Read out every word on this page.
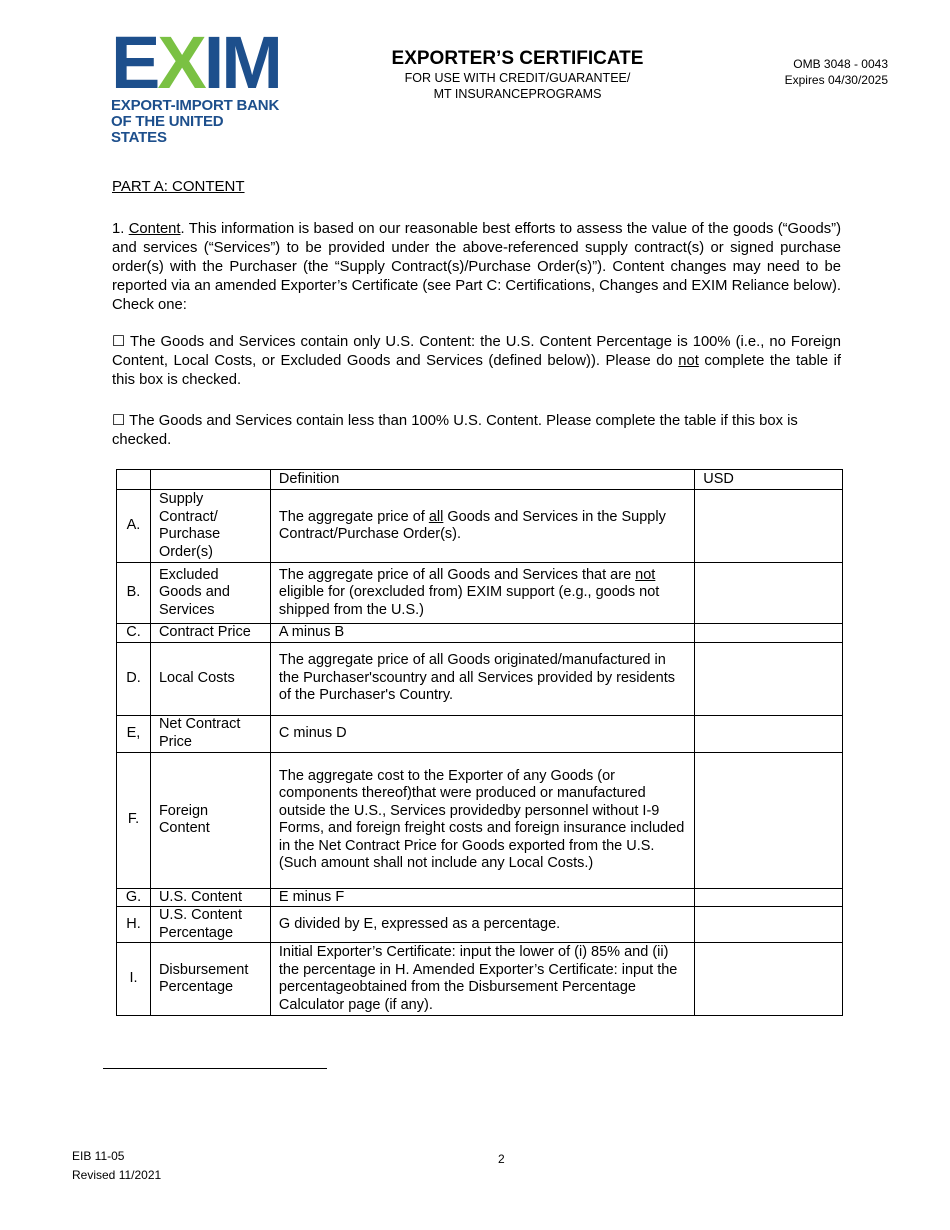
E X IM
EXPORT-IMPORT BANK
OF THE UNITED STATES
EXPORTER’S CERTIFICATE
FOR USE WITH CREDIT/GUARANTEE/
MT INSURANCEPROGRAMS
OMB 3048 - 0043
Expires 04/30/2025
PART A: CONTENT
1. Content. This information is based on our reasonable best efforts to assess the value of the goods (“Goods”) and services (“Services”) to be provided under the above-referenced supply contract(s) or signed purchase order(s) with the Purchaser (the “Supply Contract(s)/Purchase Order(s)”). Content changes may need to be reported via an amended Exporter’s Certificate (see Part C: Certifications, Changes and EXIM Reliance below). Check one:
☐ The Goods and Services contain only U.S. Content: the U.S. Content Percentage is 100% (i.e., no Foreign Content, Local Costs, or Excluded Goods and Services (defined below)). Please do not complete the table if this box is checked.
☐ The Goods and Services contain less than 100% U.S. Content. Please complete the table if this box is checked.
		Definition	USD
A.	Supply Contract/ Purchase Order(s)	The aggregate price of all Goods and Services in the Supply Contract/Purchase Order(s).	
B.	Excluded Goods and Services	The aggregate price of all Goods and Services that are not eligible for (orexcluded from) EXIM support (e.g., goods not shipped from the U.S.)	
C.	Contract Price	A minus B	
D.	Local Costs	The aggregate price of all Goods originated/manufactured in the Purchaser'scountry and all Services provided by residents of the Purchaser's Country.	
E,	Net Contract Price	C minus D	
F.	Foreign Content	The aggregate cost to the Exporter of any Goods (or components thereof)that were produced or manufactured outside the U.S., Services providedby personnel without I-9 Forms, and foreign freight costs and foreign insurance included in the Net Contract Price for Goods exported from the U.S. (Such amount shall not include any Local Costs.)	
G.	U.S. Content	E minus F	
H.	U.S. Content Percentage	G divided by E, expressed as a percentage.	
I.	Disbursement Percentage	Initial Exporter’s Certificate: input the lower of (i) 85% and (ii) the percentage in H. Amended Exporter’s Certificate: input the percentageobtained from the Disbursement Percentage Calculator page (if any).	
EIB 11-05
Revised 11/2021
2
